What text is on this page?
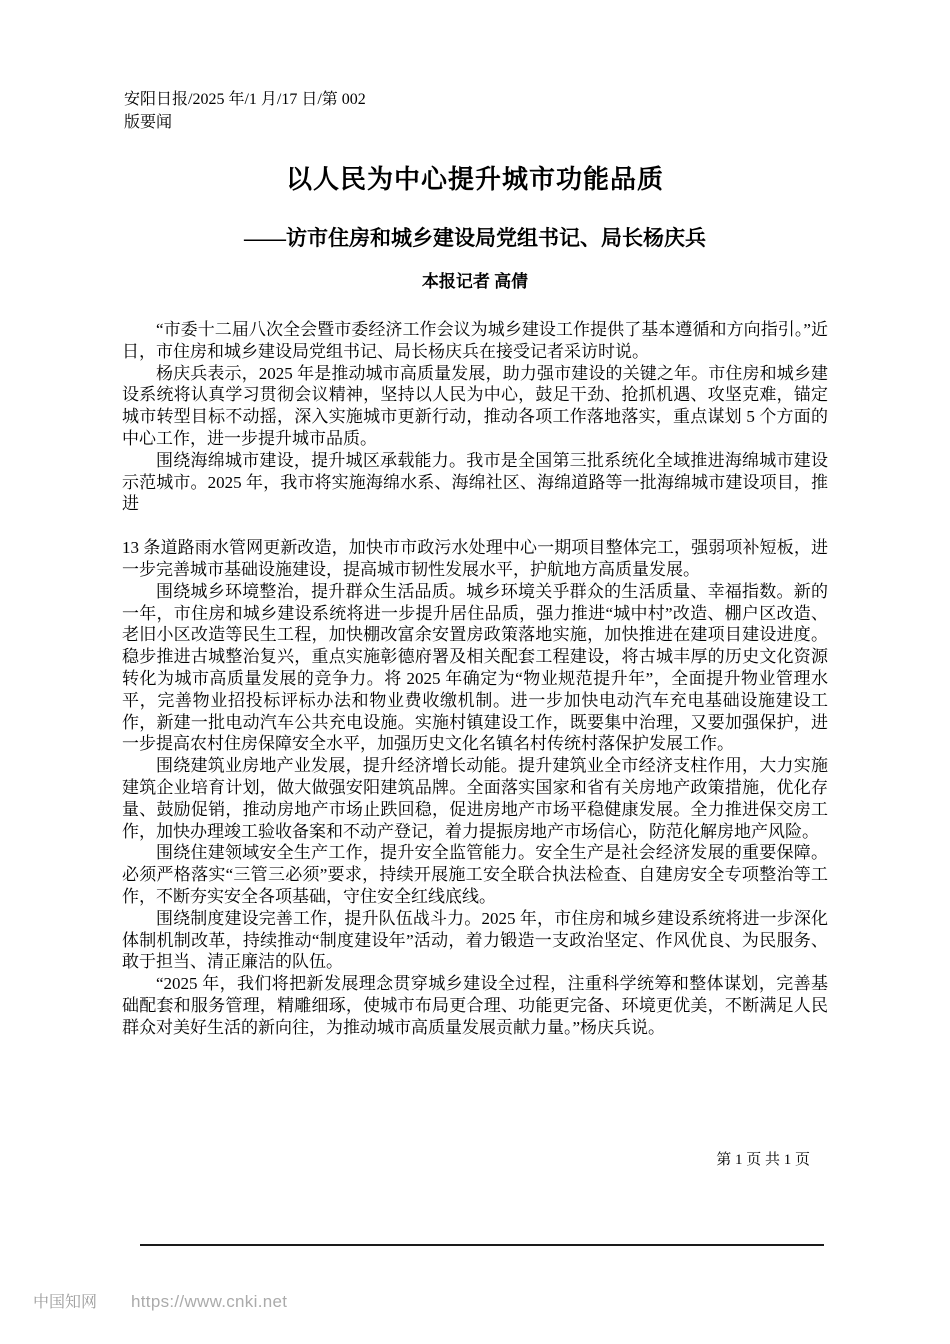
安阳日报/2025 年/1 月/17 日/第 002
版要闻
以人民为中心提升城市功能品质
——访市住房和城乡建设局党组书记、局长杨庆兵
本报记者 高倩

“市委十二届八次全会暨市委经济工作会议为城乡建设工作提供了基本遵循和方向指引。”近日，市住房和城乡建设局党组书记、局长杨庆兵在接受记者采访时说。

杨庆兵表示，2025 年是推动城市高质量发展，助力强市建设的关键之年。市住房和城乡建设系统将认真学习贯彻会议精神，坚持以人民为中心，鼓足干劲、抢抓机遇、攻坚克难，锚定城市转型目标不动摇，深入实施城市更新行动，推动各项工作落地落实，重点谋划 5 个方面的中心工作，进一步提升城市品质。

围绕海绵城市建设，提升城区承载能力。我市是全国第三批系统化全域推进海绵城市建设示范城市。2025 年，我市将实施海绵水系、海绵社区、海绵道路等一批海绵城市建设项目，推进

13 条道路雨水管网更新改造，加快市市政污水处理中心一期项目整体完工，强弱项补短板，进一步完善城市基础设施建设，提高城市韧性发展水平，护航地方高质量发展。

围绕城乡环境整治，提升群众生活品质。城乡环境关乎群众的生活质量、幸福指数。新的一年，市住房和城乡建设系统将进一步提升居住品质，强力推进“城中村”改造、棚户区改造、老旧小区改造等民生工程，加快棚改富余安置房政策落地实施，加快推进在建项目建设进度。稳步推进古城整治复兴，重点实施彰德府署及相关配套工程建设，将古城丰厚的历史文化资源转化为城市高质量发展的竞争力。将 2025 年确定为“物业规范提升年”，全面提升物业管理水平，完善物业招投标评标办法和物业费收缴机制。进一步加快电动汽车充电基础设施建设工作，新建一批电动汽车公共充电设施。实施村镇建设工作，既要集中治理，又要加强保护，进一步提高农村住房保障安全水平，加强历史文化名镇名村传统村落保护发展工作。

围绕建筑业房地产业发展，提升经济增长动能。提升建筑业全市经济支柱作用，大力实施建筑企业培育计划，做大做强安阳建筑品牌。全面落实国家和省有关房地产政策措施，优化存量、鼓励促销，推动房地产市场止跌回稳，促进房地产市场平稳健康发展。全力推进保交房工作，加快办理竣工验收备案和不动产登记，着力提振房地产市场信心，防范化解房地产风险。

围绕住建领域安全生产工作，提升安全监管能力。安全生产是社会经济发展的重要保障。必须严格落实“三管三必须”要求，持续开展施工安全联合执法检查、自建房安全专项整治等工作，不断夯实安全各项基础，守住安全红线底线。

围绕制度建设完善工作，提升队伍战斗力。2025 年，市住房和城乡建设系统将进一步深化体制机制改革，持续推动“制度建设年”活动，着力锻造一支政治坚定、作风优良、为民服务、敢于担当、清正廉洁的队伍。

“2025 年，我们将把新发展理念贯穿城乡建设全过程，注重科学统筹和整体谋划，完善基础配套和服务管理，精雕细琢，使城市布局更合理、功能更完备、环境更优美，不断满足人民群众对美好生活的新向往，为推动城市高质量发展贡献力量。”杨庆兵说。

第 1 页 共 1 页
中国知网 https://www.cnki.net
